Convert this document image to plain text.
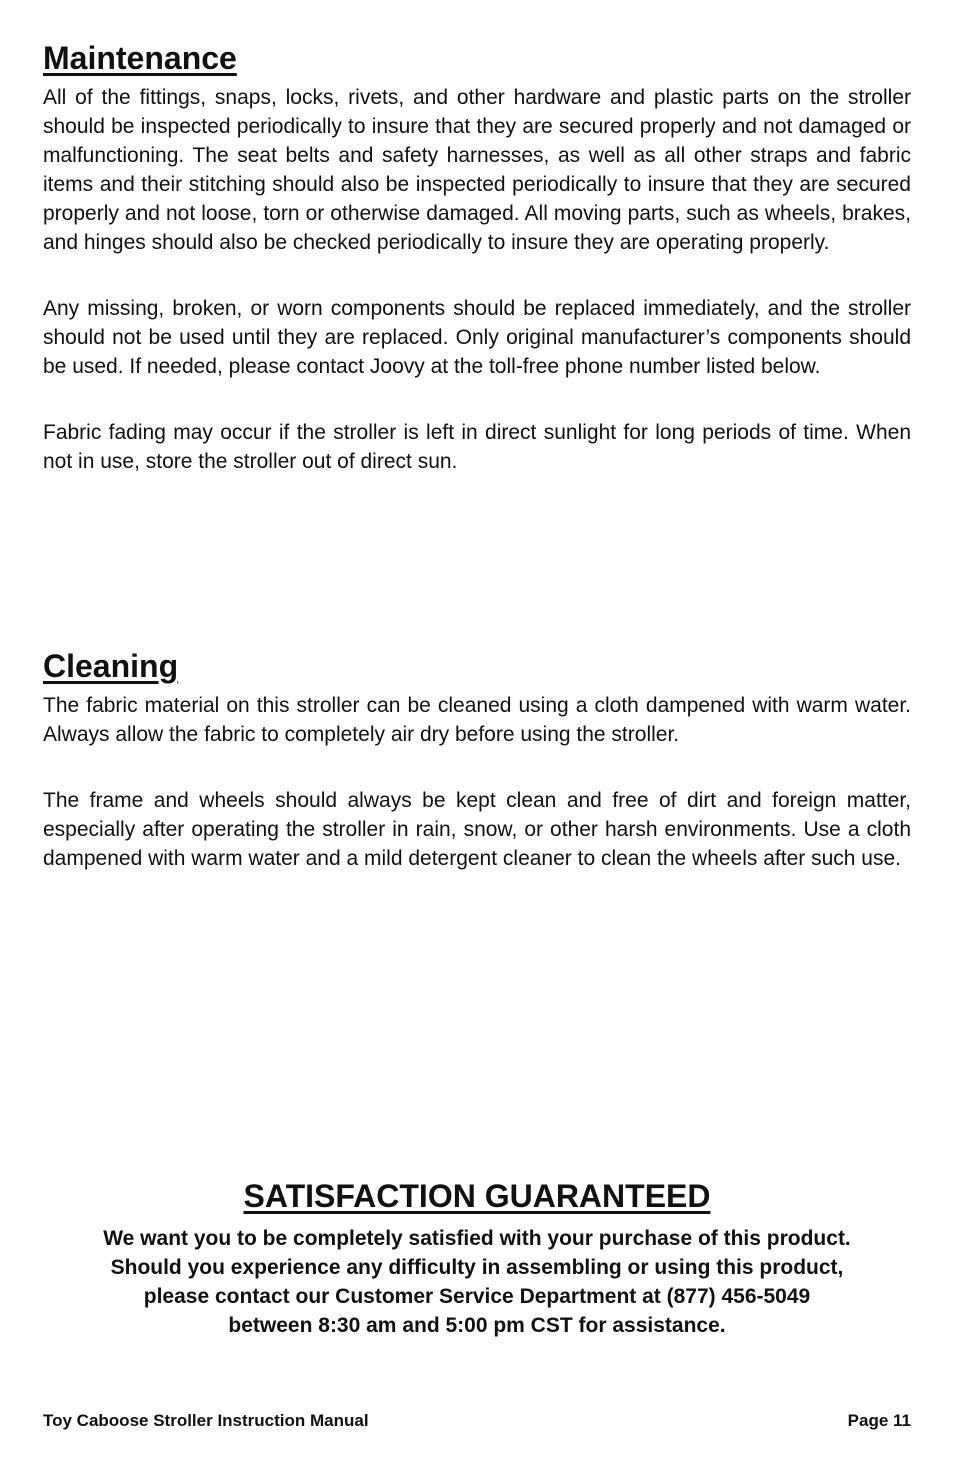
Maintenance

All of the fittings, snaps, locks, rivets, and other hardware and plastic parts on the stroller should be inspected periodically to insure that they are secured properly and not damaged or malfunctioning. The seat belts and safety harnesses, as well as all other straps and fabric items and their stitching should also be inspected periodically to insure that they are secured properly and not loose, torn or otherwise damaged. All moving parts, such as wheels, brakes, and hinges should also be checked periodically to insure they are operating properly.

Any missing, broken, or worn components should be replaced immediately, and the stroller should not be used until they are replaced. Only original manufacturer’s components should be used. If needed, please contact Joovy at the toll-free phone number listed below.

Fabric fading may occur if the stroller is left in direct sunlight for long periods of time. When not in use, store the stroller out of direct sun.

Cleaning

The fabric material on this stroller can be cleaned using a cloth dampened with warm water. Always allow the fabric to completely air dry before using the stroller.

The frame and wheels should always be kept clean and free of dirt and foreign matter, especially after operating the stroller in rain, snow, or other harsh environments. Use a cloth dampened with warm water and a mild detergent cleaner to clean the wheels after such use.

SATISFACTION GUARANTEED
We want you to be completely satisfied with your purchase of this product.
Should you experience any difficulty in assembling or using this product,
please contact our Customer Service Department at (877) 456-5049
between 8:30 am and 5:00 pm CST for assistance.
Toy Caboose Stroller Instruction Manual	Page 11
